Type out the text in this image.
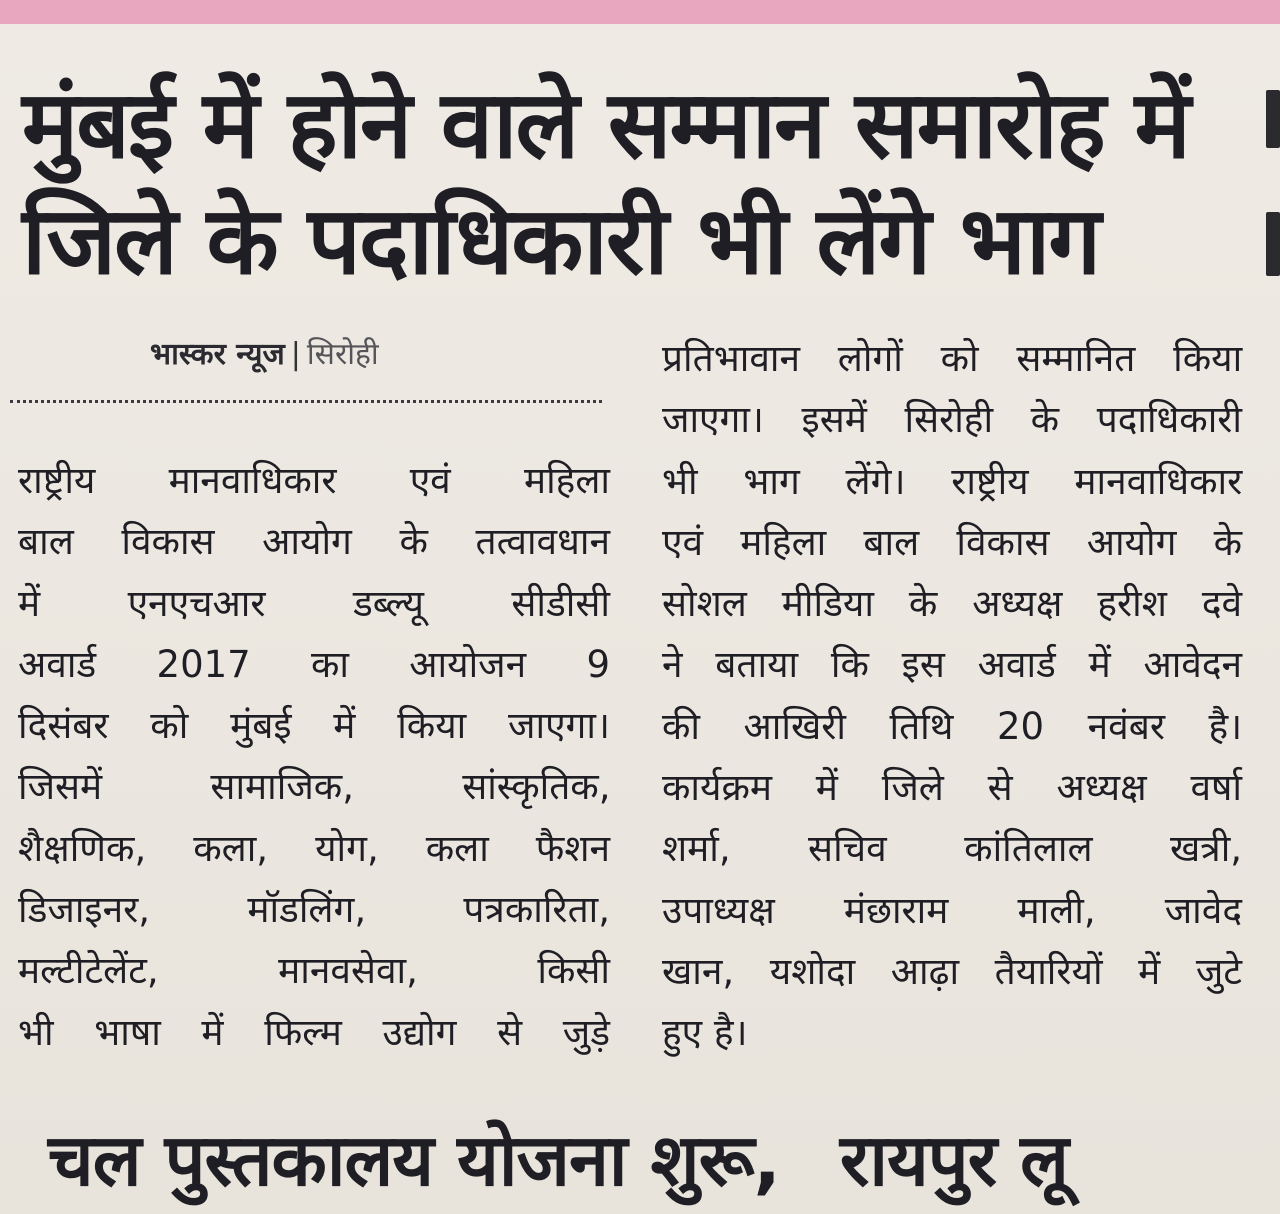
मुंबई में होने वाले सम्मान समारोह में
जिले के पदाधिकारी भी लेंगे भाग
भास्कर न्यूज | सिरोही
राष्ट्रीय मानवाधिकार एवं महिला
बाल विकास आयोग के तत्वावधान
में एनएचआर डब्ल्यू सीडीसी
अवार्ड 2017 का आयोजन 9
दिसंबर को मुंबई में किया जाएगा।
जिसमें सामाजिक, सांस्कृतिक,
शैक्षणिक, कला, योग, कला फैशन
डिजाइनर, मॉडलिंग, पत्रकारिता,
मल्टीटेलेंट, मानवसेवा, किसी
भी भाषा में फिल्म उद्योग से जुड़े
प्रतिभावान लोगों को सम्मानित किया
जाएगा। इसमें सिरोही के पदाधिकारी
भी भाग लेंगे। राष्ट्रीय मानवाधिकार
एवं महिला बाल विकास आयोग के
सोशल मीडिया के अध्यक्ष हरीश दवे
ने बताया कि इस अवार्ड में आवेदन
की आखिरी तिथि 20 नवंबर है।
कार्यक्रम में जिले से अध्यक्ष वर्षा
शर्मा, सचिव कांतिलाल खत्री,
उपाध्यक्ष मंछाराम माली, जावेद
खान, यशोदा आढ़ा तैयारियों में जुटे
हुए है।
चल पुस्तकालय योजना शुरू, रायपुर लू
